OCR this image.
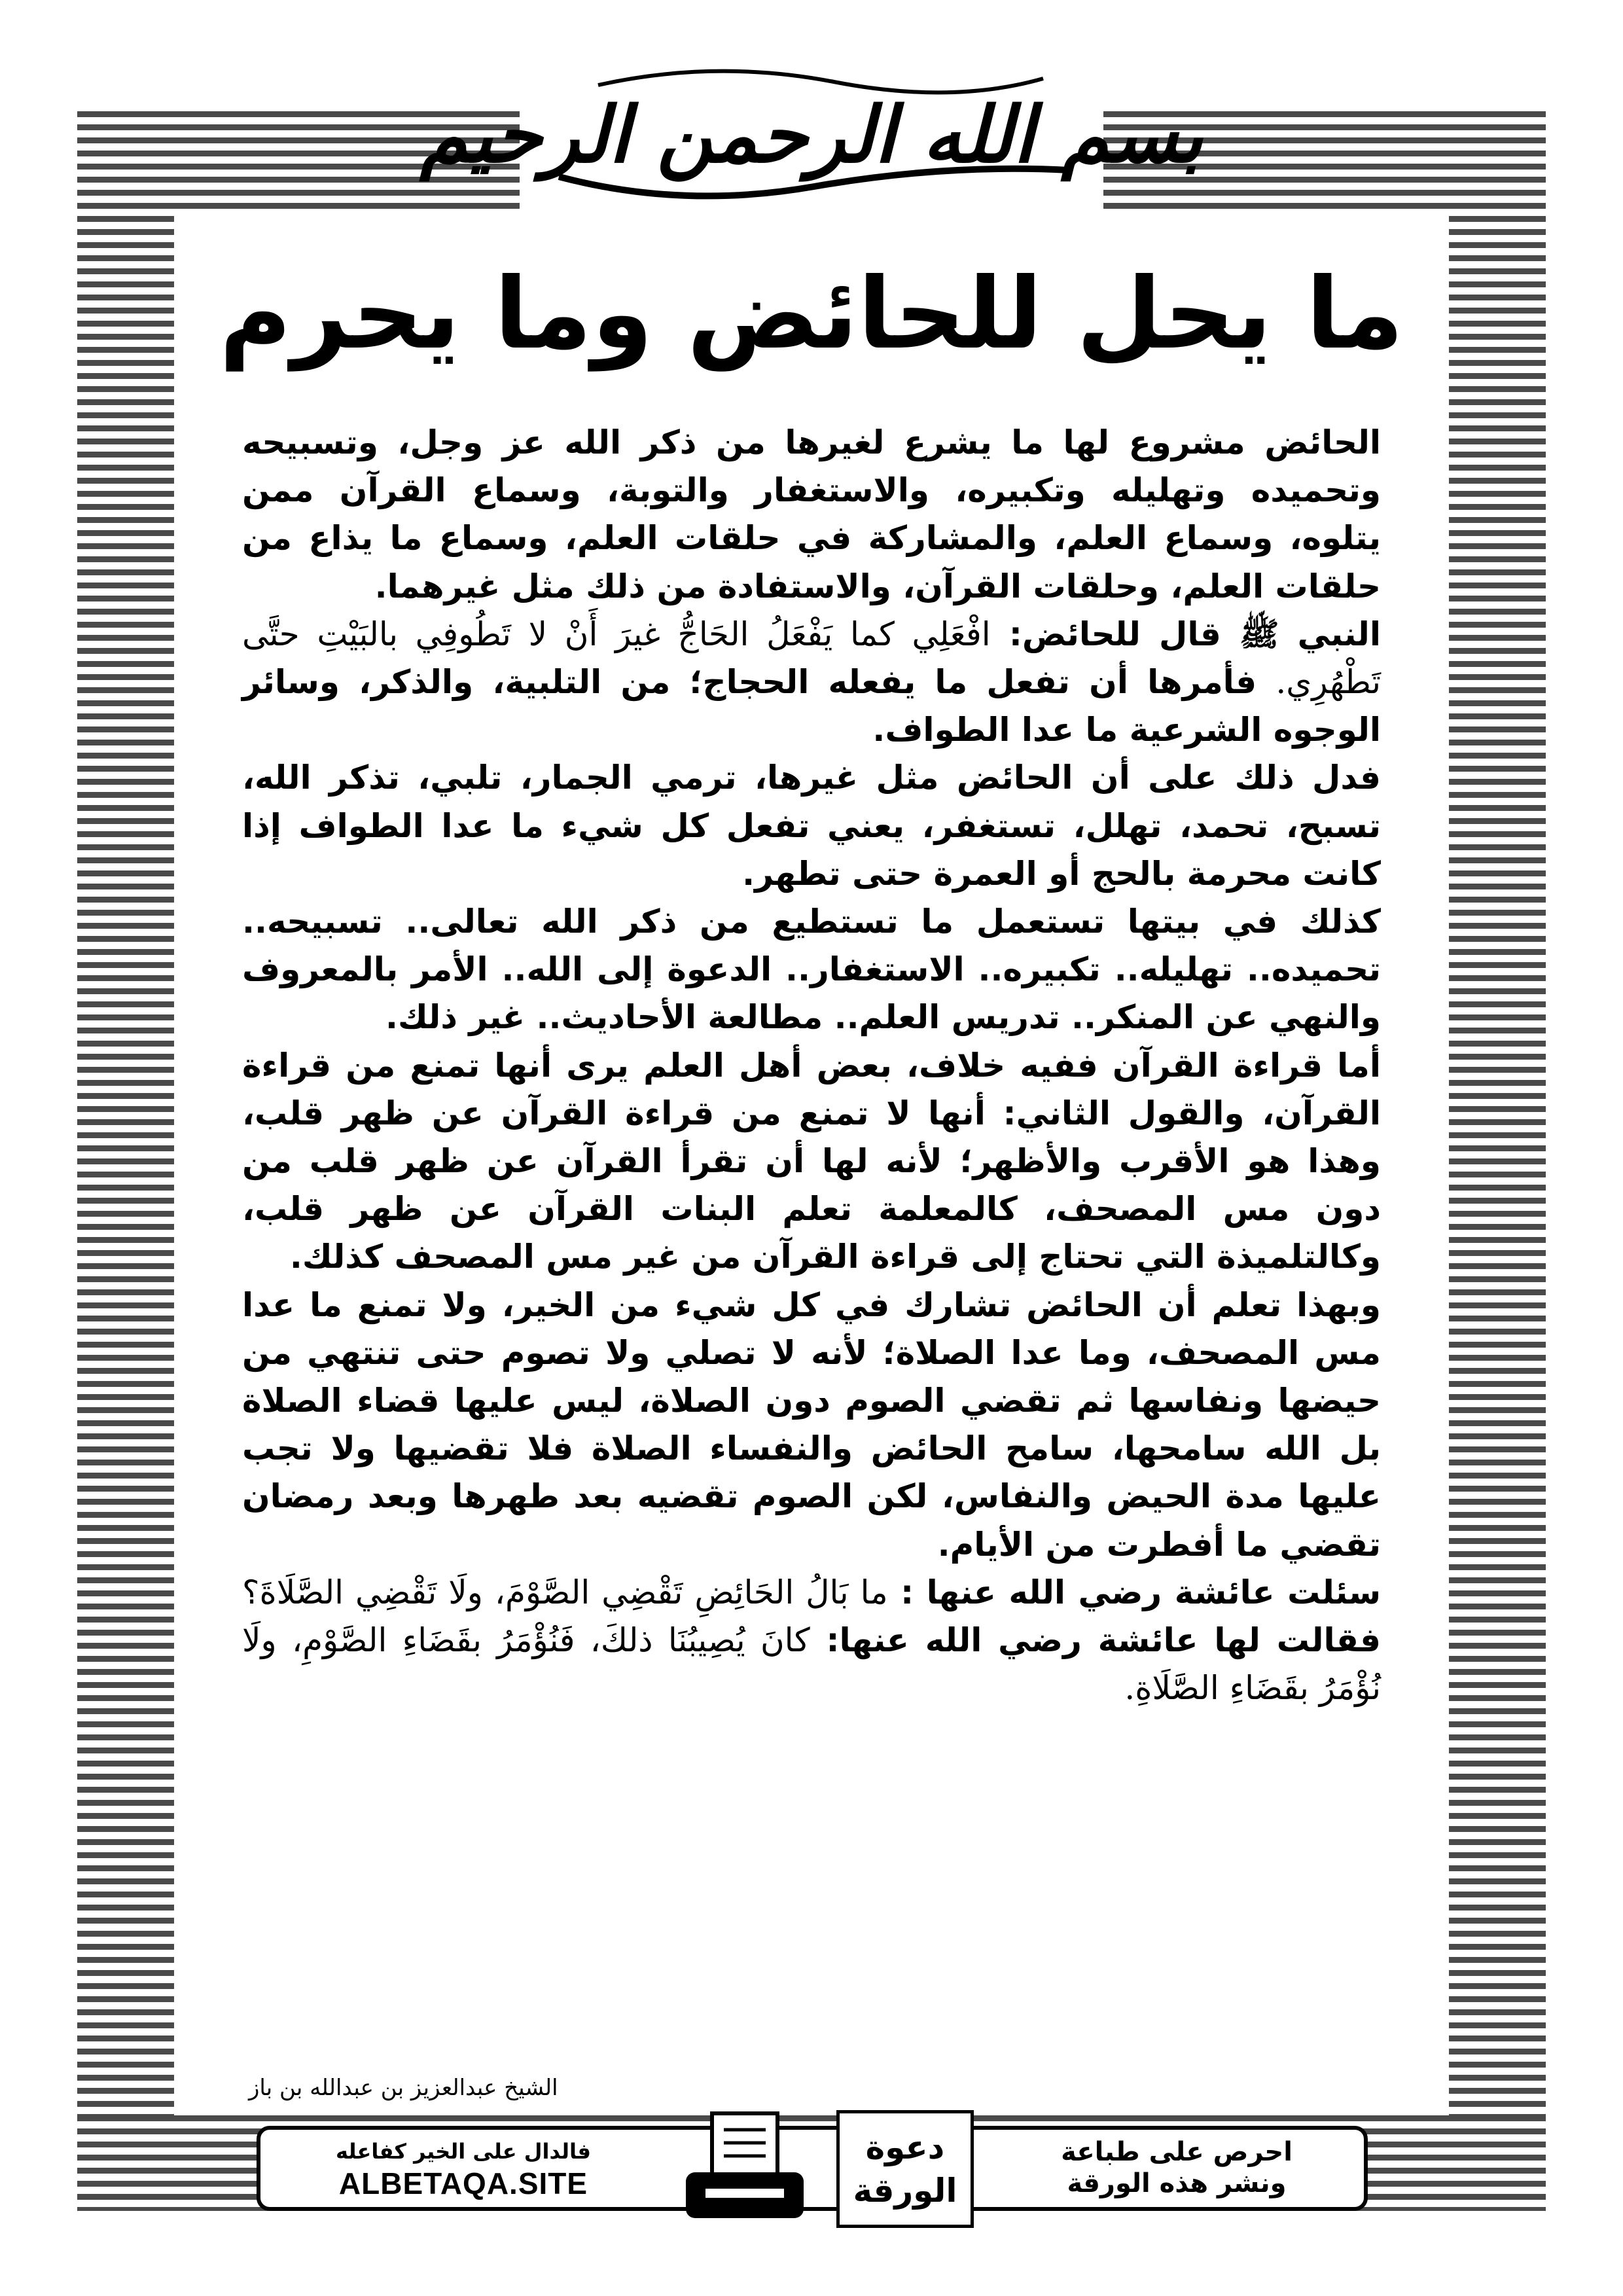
بسم الله الرحمن الرحيم
ما يحل للحائض وما يحرم

الحائض مشروع لها ما يشرع لغيرها من ذكر الله عز وجل، وتسبيحه وتحميده وتهليله وتكبيره، والاستغفار والتوبة، وسماع القرآن ممن يتلوه، وسماع العلم، والمشاركة في حلقات العلم، وسماع ما يذاع من حلقات العلم، وحلقات القرآن، والاستفادة من ذلك مثل غيرهما.

النبي ﷺ قال للحائض: افْعَلِي كما يَفْعَلُ الحَاجُّ غيرَ أَنْ لا تَطُوفِي بالبَيْتِ حتَّى تَطْهُرِي. فأمرها أن تفعل ما يفعله الحجاج؛ من التلبية، والذكر، وسائر الوجوه الشرعية ما عدا الطواف.

فدل ذلك على أن الحائض مثل غيرها، ترمي الجمار، تلبي، تذكر الله، تسبح، تحمد، تهلل، تستغفر، يعني تفعل كل شيء ما عدا الطواف إذا كانت محرمة بالحج أو العمرة حتى تطهر.

كذلك في بيتها تستعمل ما تستطيع من ذكر الله تعالى.. تسبيحه.. تحميده.. تهليله.. تكبيره.. الاستغفار.. الدعوة إلى الله.. الأمر بالمعروف والنهي عن المنكر.. تدريس العلم.. مطالعة الأحاديث.. غير ذلك.

أما قراءة القرآن ففيه خلاف، بعض أهل العلم يرى أنها تمنع من قراءة القرآن، والقول الثاني: أنها لا تمنع من قراءة القرآن عن ظهر قلب، وهذا هو الأقرب والأظهر؛ لأنه لها أن تقرأ القرآن عن ظهر قلب من دون مس المصحف، كالمعلمة تعلم البنات القرآن عن ظهر قلب، وكالتلميذة التي تحتاج إلى قراءة القرآن من غير مس المصحف كذلك.

وبهذا تعلم أن الحائض تشارك في كل شيء من الخير، ولا تمنع ما عدا مس المصحف، وما عدا الصلاة؛ لأنه لا تصلي ولا تصوم حتى تنتهي من حيضها ونفاسها ثم تقضي الصوم دون الصلاة، ليس عليها قضاء الصلاة بل الله سامحها، سامح الحائض والنفساء الصلاة فلا تقضيها ولا تجب عليها مدة الحيض والنفاس، لكن الصوم تقضيه بعد طهرها وبعد رمضان تقضي ما أفطرت من الأيام.

سئلت عائشة رضي الله عنها : ما بَالُ الحَائِضِ تَقْضِي الصَّوْمَ، ولَا تَقْضِي الصَّلَاةَ؟ فقالت لها عائشة رضي الله عنها: كانَ يُصِيبُنَا ذلكَ، فَنُؤْمَرُ بقَضَاءِ الصَّوْمِ، ولَا نُؤْمَرُ بقَضَاءِ الصَّلَاةِ.

الشيخ عبدالعزيز بن عبدالله بن باز
فالدال على الخير كفاعله
ALBETAQA.SITE
دعوة
الورقة
احرص على طباعة
ونشر هذه الورقة
